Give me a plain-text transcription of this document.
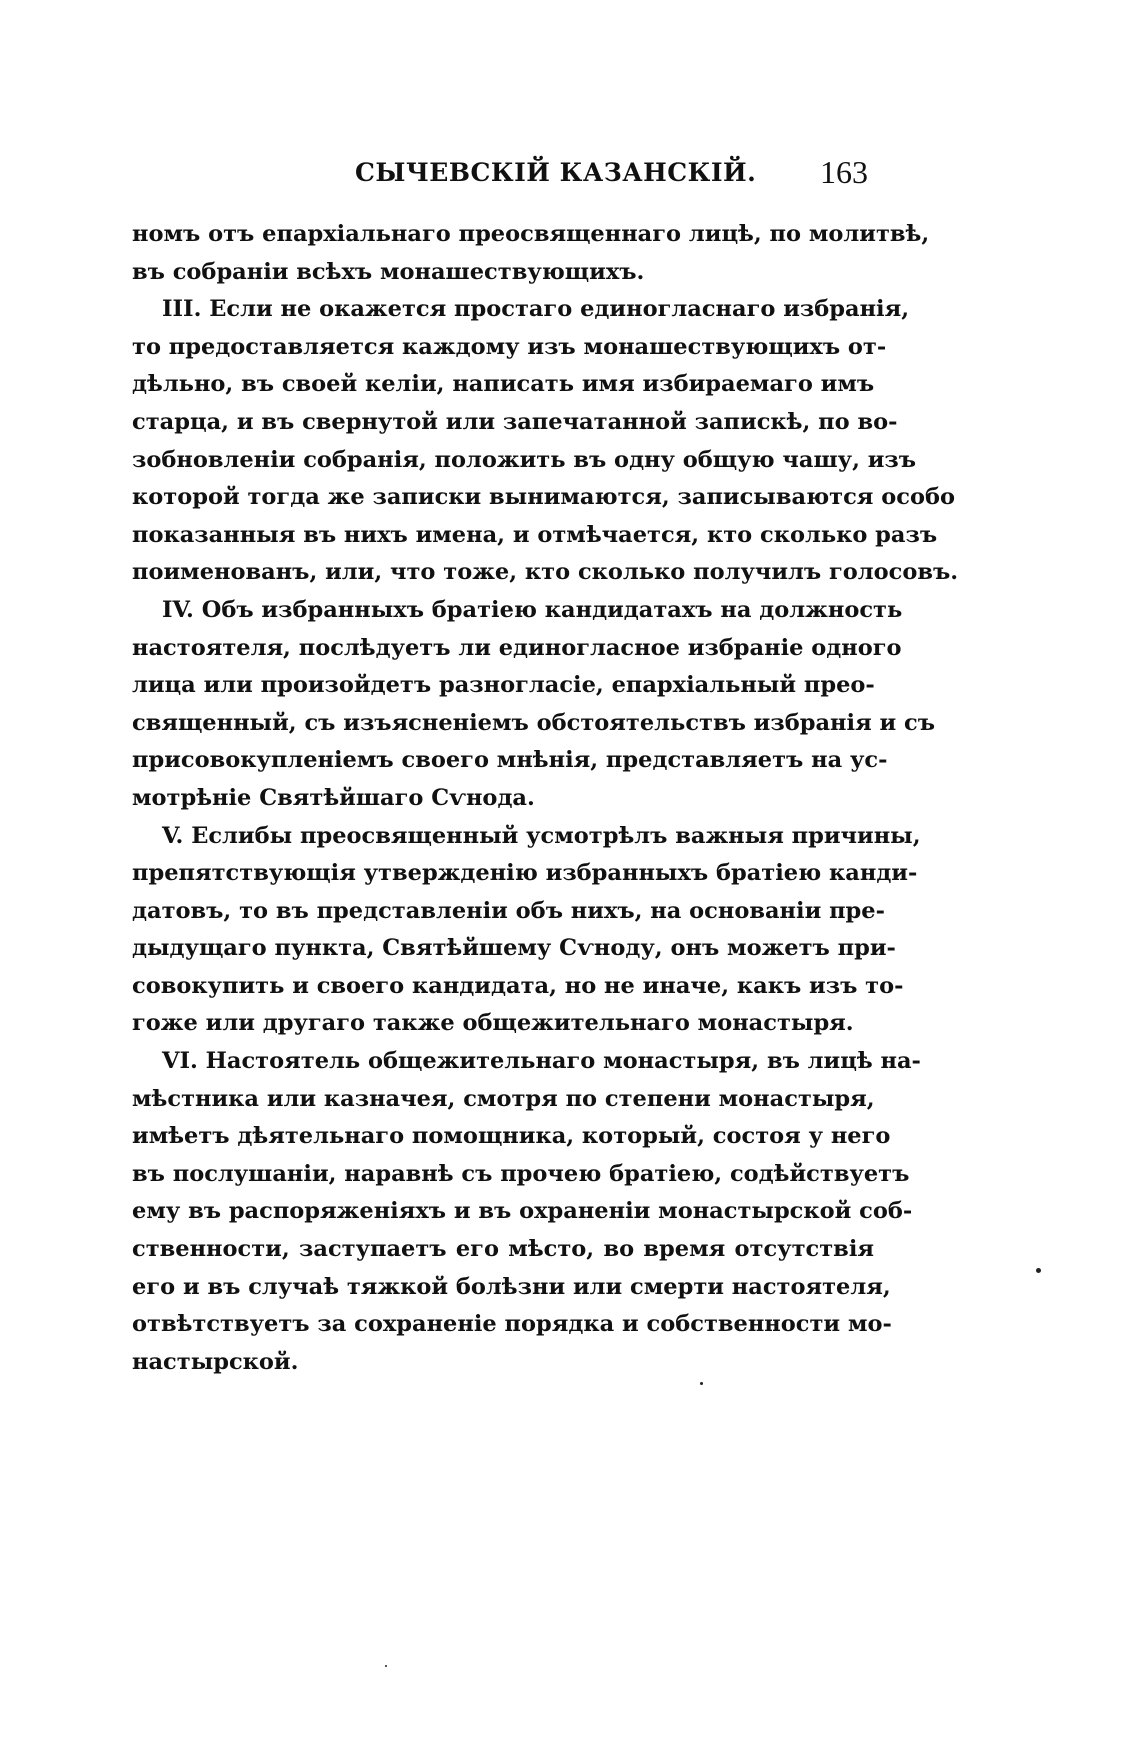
СЫЧЕВСКІЙ КАЗАНСКІЙ. 163
номъ отъ епархіальнаго преосвященнаго лицѣ, по молитвѣ,
въ собраніи всѣхъ монашествующихъ.
III. Если не окажется простаго единогласнаго избранія,
то предоставляется каждому изъ монашествующихъ от-
дѣльно, въ своей келіи, написать имя избираемаго имъ
старца, и въ свернутой или запечатанной запискѣ, по во-
зобновленіи собранія, положить въ одну общую чашу, изъ
которой тогда же записки вынимаются, записываются особо
показанныя въ нихъ имена, и отмѣчается, кто сколько разъ
поименованъ, или, что тоже, кто сколько получилъ голосовъ.
IV. Объ избранныхъ братіею кандидатахъ на должность
настоятеля, послѣдуетъ ли единогласное избраніе одного
лица или произойдетъ разногласіе, епархіальный прео-
священный, съ изъясненіемъ обстоятельствъ избранія и съ
присовокупленіемъ своего мнѣнія, представляетъ на ус-
мотрѣніе Святѣйшаго Сѵнода.
V. Еслибы преосвященный усмотрѣлъ важныя причины,
препятствующія утвержденію избранныхъ братіею канди-
датовъ, то въ представленіи объ нихъ, на основаніи пре-
дыдущаго пункта, Святѣйшему Сѵноду, онъ можетъ при-
совокупить и своего кандидата, но не иначе, какъ изъ то-
гоже или другаго также общежительнаго монастыря.
VI. Настоятель общежительнаго монастыря, въ лицѣ на-
мѣстника или казначея, смотря по степени монастыря,
имѣетъ дѣятельнаго помощника, который, состоя у него
въ послушаніи, наравнѣ съ прочею братіею, содѣйствуетъ
ему въ распоряженіяхъ и въ охраненіи монастырской соб-
ственности, заступаетъ его мѣсто, во время отсутствія
его и въ случаѣ тяжкой болѣзни или смерти настоятеля,
отвѣтствуетъ за сохраненіе порядка и собственности мо-
настырской.
